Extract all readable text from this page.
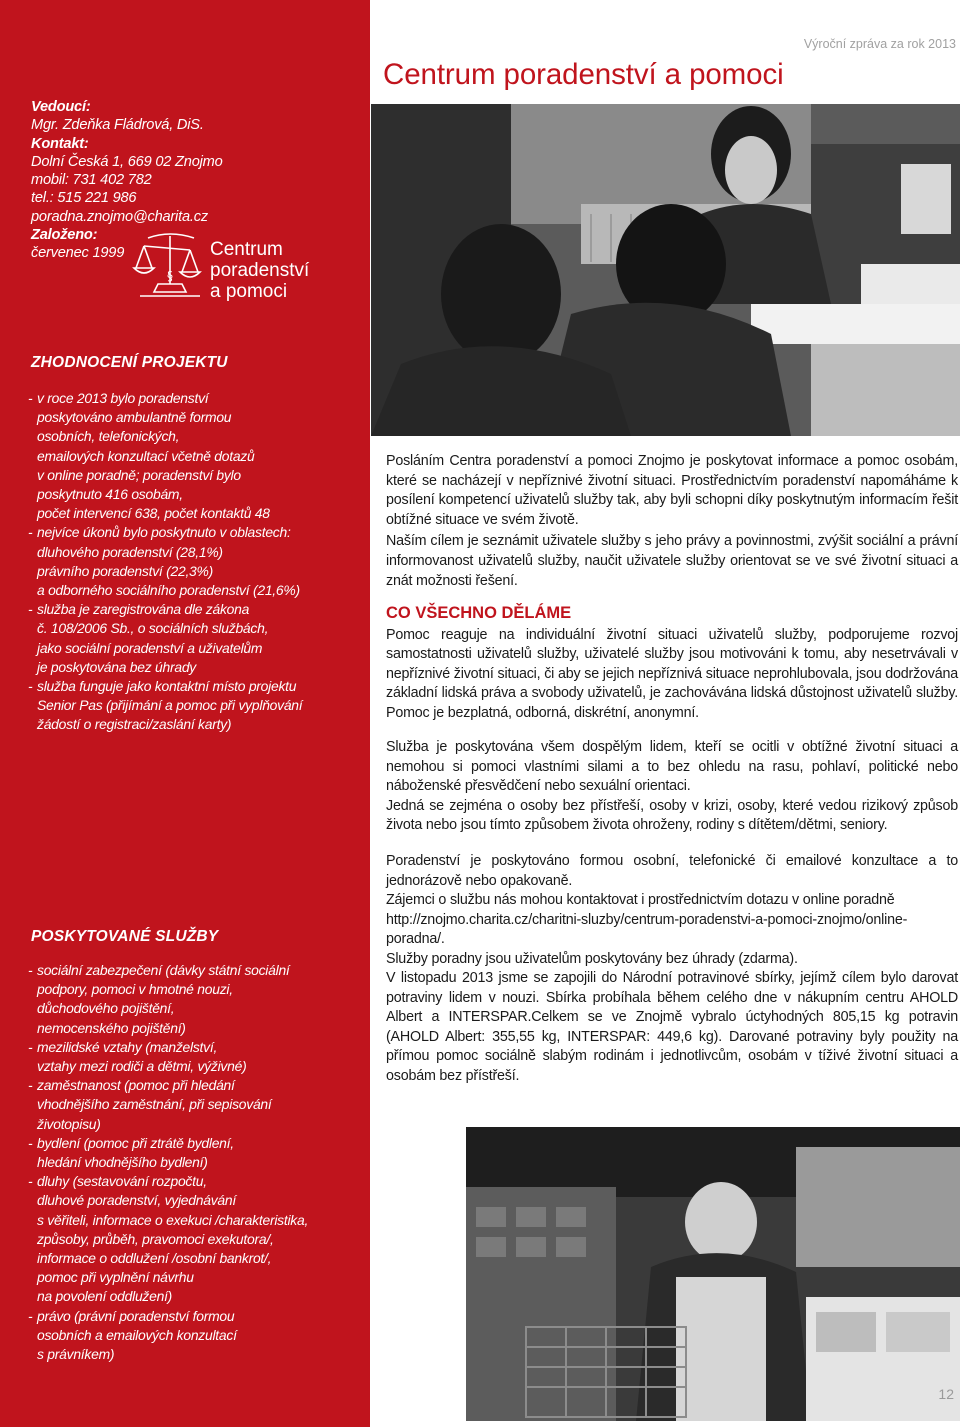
Vedoucí:
Mgr. Zdeňka Fládrová, DiS.
Kontakt:
Dolní Česká 1, 669 02 Znojmo
mobil: 731 402 782
tel.: 515 221 986
poradna.znojmo@charita.cz
Založeno:
červenec 1999
§
Centrum
poradenství
a pomoci
ZHODNOCENÍ PROJEKTU
- v roce 2013 bylo poradenství
poskytováno ambulantně formou
osobních, telefonických,
emailových konzultací včetně dotazů
v online poradně; poradenství bylo
poskytnuto 416 osobám,
počet intervencí 638, počet kontaktů 48
- nejvíce úkonů bylo poskytnuto v oblastech:
dluhového poradenství (28,1%)
právního poradenství (22,3%)
a odborného sociálního poradenství (21,6%)
- služba je zaregistrována dle zákona
č. 108/2006 Sb., o sociálních službách,
jako sociální poradenství a uživatelům
je poskytována bez úhrady
- služba funguje jako kontaktní místo projektu
Senior Pas (přijímání a pomoc při vyplňování
žádostí o registraci/zaslání karty)
POSKYTOVANÉ SLUŽBY
- sociální zabezpečení (dávky státní sociální
podpory, pomoci v hmotné nouzi,
důchodového pojištění,
nemocenského pojištění)
- mezilidské vztahy (manželství,
vztahy mezi rodiči a dětmi, výživné)
- zaměstnanost (pomoc při hledání
vhodnějšího zaměstnání, při sepisování
životopisu)
- bydlení (pomoc při ztrátě bydlení,
hledání vhodnějšího bydlení)
- dluhy (sestavování rozpočtu,
dluhové poradenství, vyjednávání
s věřiteli, informace o exekuci /charakteristika,
způsoby, průběh, pravomoci exekutora/,
informace o oddlužení /osobní bankrot/,
pomoc při vyplnění návrhu
na povolení oddlužení)
- právo (právní poradenství formou
osobních a emailových konzultací
s právníkem)
Výroční zpráva za rok 2013
Centrum poradenství a pomoci

Posláním Centra poradenství a pomoci Znojmo je poskytovat informace a pomoc osobám, které se nacházejí v nepříznivé životní situaci. Prostřednictvím poradenství napomáháme k posílení kompetencí uživatelů služby tak, aby byli schopni díky poskytnutým informacím řešit obtížné situace ve svém životě.

Naším cílem je seznámit uživatele služby s jeho právy a povinnostmi, zvýšit sociální a právní informovanost uživatelů služby, naučit uživatele služby orientovat se ve své životní situaci a znát možnosti řešení.

CO VŠECHNO DĚLÁME

Pomoc reaguje na individuální životní situaci uživatelů služby, podporujeme rozvoj samostatnosti uživatelů služby, uživatelé služby jsou motivováni k tomu, aby nesetrvávali v nepříznivé životní situaci, či aby se jejich nepříznivá situace neprohlubovala, jsou dodržována základní lidská práva a svobody uživatelů, je zachovávána lidská důstojnost uživatelů služby. Pomoc je bezplatná, odborná, diskrétní, anonymní.

Služba je poskytována všem dospělým lidem, kteří se ocitli v obtížné životní situaci a nemohou si pomoci vlastními silami a to bez ohledu na rasu, pohlaví, politické nebo náboženské přesvědčení nebo sexuální orientaci.

Jedná se zejména o osoby bez přístřeší, osoby v krizi, osoby, které vedou rizikový způsob života nebo jsou tímto způsobem života ohroženy, rodiny s dítětem/dětmi, seniory.

Poradenství je poskytováno formou osobní, telefonické či emailové konzultace a to jednorázově nebo opakovaně.

Zájemci o službu nás mohou kontaktovat i prostřednictvím dotazu v online poradně

http://znojmo.charita.cz/charitni-sluzby/centrum-poradenstvi-a-pomoci-znojmo/online-poradna/.

Služby poradny jsou uživatelům poskytovány bez úhrady (zdarma).

V listopadu 2013 jsme se zapojili do Národní potravinové sbírky, jejímž cílem bylo darovat potraviny lidem v nouzi. Sbírka probíhala během celého dne v nákupním centru AHOLD Albert a INTERSPAR.Celkem se ve Znojmě vybralo úctyhodných 805,15 kg potravin (AHOLD Albert: 355,55 kg, INTERSPAR: 449,6 kg). Darované potraviny byly použity na přímou pomoc sociálně slabým rodinám i jednotlivcům, osobám v tíživé životní situaci a osobám bez přístřeší.

12
